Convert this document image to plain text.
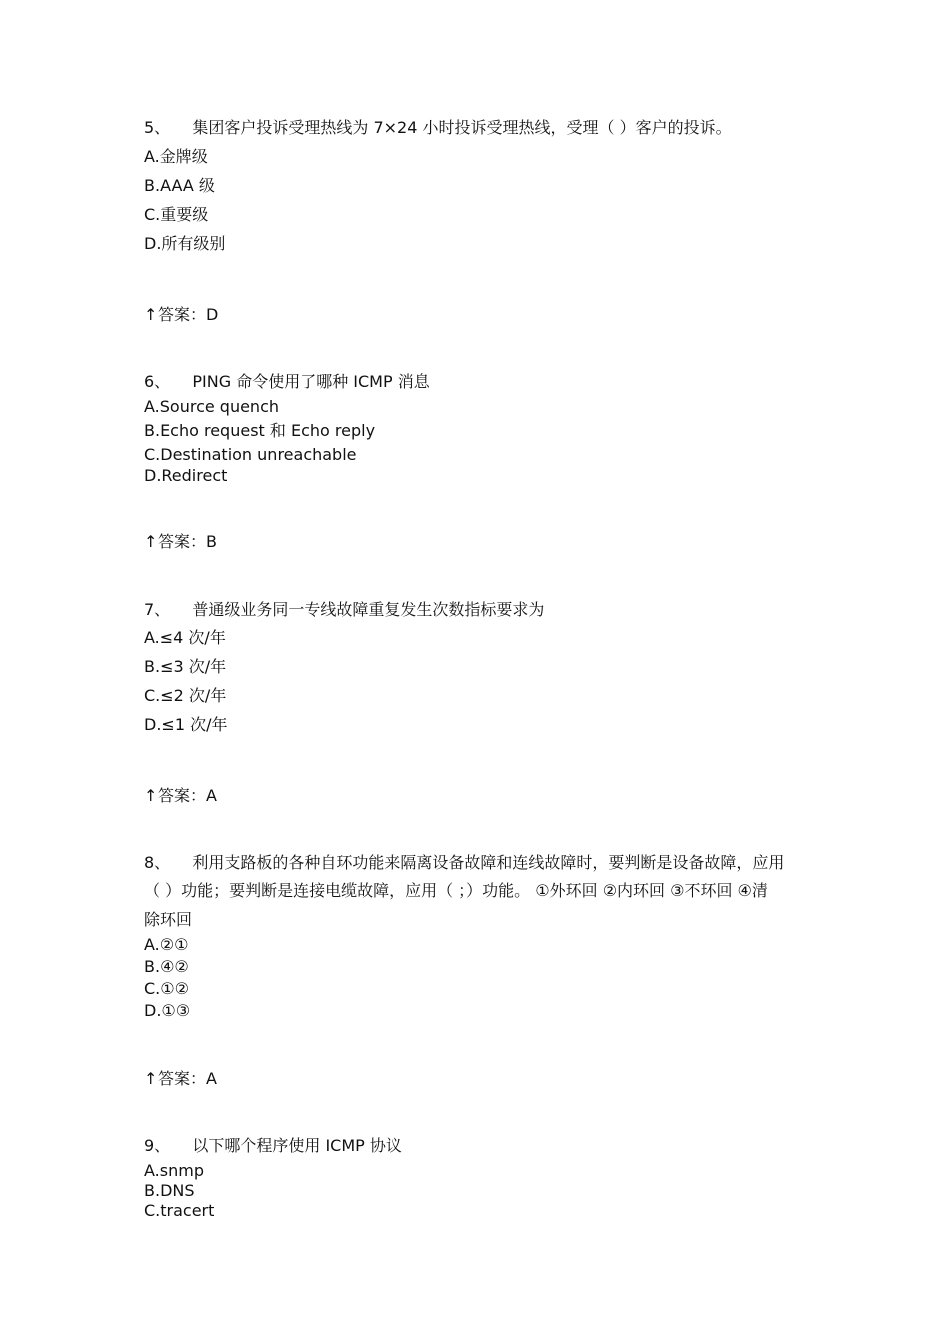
5、 集团客户投诉受理热线为 7×24 小时投诉受理热线，受理（ ）客户的投诉。
A.金牌级
B.AAA 级
C.重要级
D.所有级别
↑答案：D
6、 PING 命令使用了哪种 ICMP 消息
A.Source quench
B.Echo request 和 Echo reply
C.Destination unreachable
D.Redirect
↑答案：B
7、 普通级业务同一专线故障重复发生次数指标要求为
A.≤4 次/年
B.≤3 次/年
C.≤2 次/年
D.≤1 次/年
↑答案：A
8、 利用支路板的各种自环功能来隔离设备故障和连线故障时，要判断是设备故障，应用
（ ）功能；要判断是连接电缆故障，应用（ ；）功能。 ①外环回 ②内环回 ③不环回 ④清
除环回
A.②①
B.④②
C.①②
D.①③
↑答案：A
9、 以下哪个程序使用 ICMP 协议
A.snmp
B.DNS
C.tracert
